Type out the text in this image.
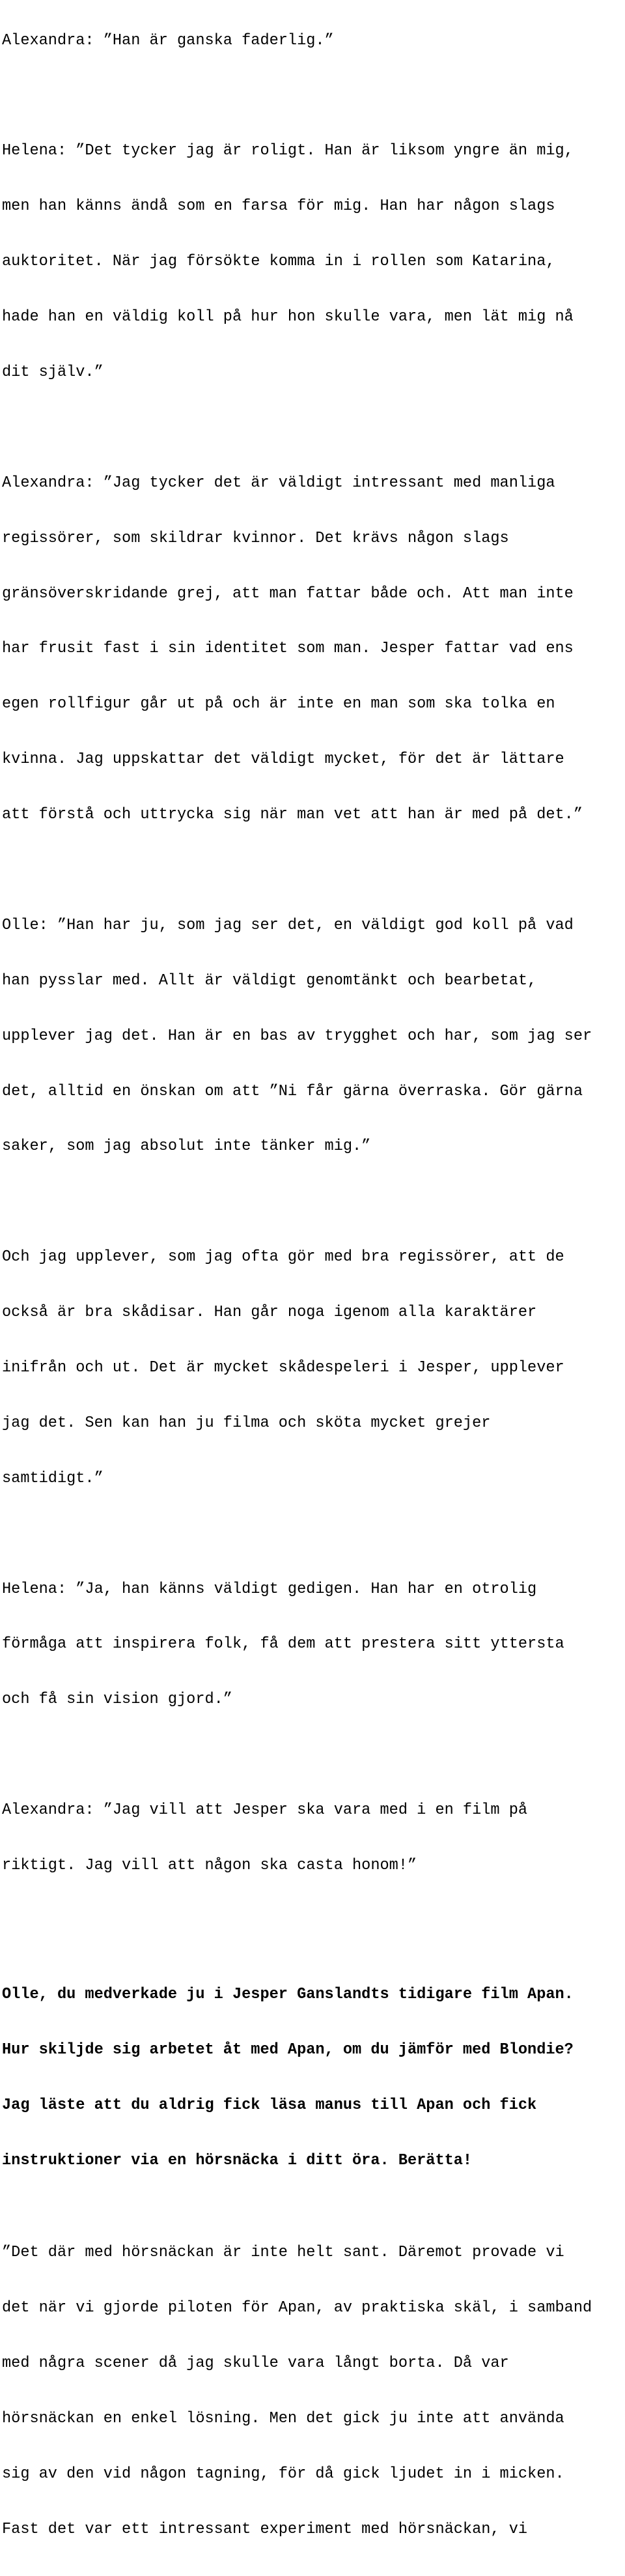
Alexandra: ”Han är ganska faderlig.”

Helena: ”Det tycker jag är roligt. Han är liksom yngre än mig,

men han känns ändå som en farsa för mig. Han har någon slags

auktoritet. När jag försökte komma in i rollen som Katarina,

hade han en väldig koll på hur hon skulle vara, men lät mig nå

dit själv.”

Alexandra: ”Jag tycker det är väldigt intressant med manliga

regissörer, som skildrar kvinnor. Det krävs någon slags

gränsöverskridande grej, att man fattar både och. Att man inte

har frusit fast i sin identitet som man. Jesper fattar vad ens

egen rollfigur går ut på och är inte en man som ska tolka en

kvinna. Jag uppskattar det väldigt mycket, för det är lättare

att förstå och uttrycka sig när man vet att han är med på det.”

Olle: ”Han har ju, som jag ser det, en väldigt god koll på vad

han pysslar med. Allt är väldigt genomtänkt och bearbetat,

upplever jag det. Han är en bas av trygghet och har, som jag ser

det, alltid en önskan om att ”Ni får gärna överraska. Gör gärna

saker, som jag absolut inte tänker mig.”

Och jag upplever, som jag ofta gör med bra regissörer, att de

också är bra skådisar. Han går noga igenom alla karaktärer

inifrån och ut. Det är mycket skådespeleri i Jesper, upplever

jag det. Sen kan han ju filma och sköta mycket grejer

samtidigt.”

Helena: ”Ja, han känns väldigt gedigen. Han har en otrolig

förmåga att inspirera folk, få dem att prestera sitt yttersta

och få sin vision gjord.”

Alexandra: ”Jag vill att Jesper ska vara med i en film på

riktigt. Jag vill att någon ska casta honom!”

Olle, du medverkade ju i Jesper Ganslandts tidigare film Apan.

Hur skiljde sig arbetet åt med Apan, om du jämför med Blondie?

Jag läste att du aldrig fick läsa manus till Apan och fick

instruktioner via en hörsnäcka i ditt öra. Berätta!

”Det där med hörsnäckan är inte helt sant. Däremot provade vi

det när vi gjorde piloten för Apan, av praktiska skäl, i samband

med några scener då jag skulle vara långt borta. Då var

hörsnäckan en enkel lösning. Men det gick ju inte att använda

sig av den vid någon tagning, för då gick ljudet in i micken.

Fast det var ett intressant experiment med hörsnäckan, vi
